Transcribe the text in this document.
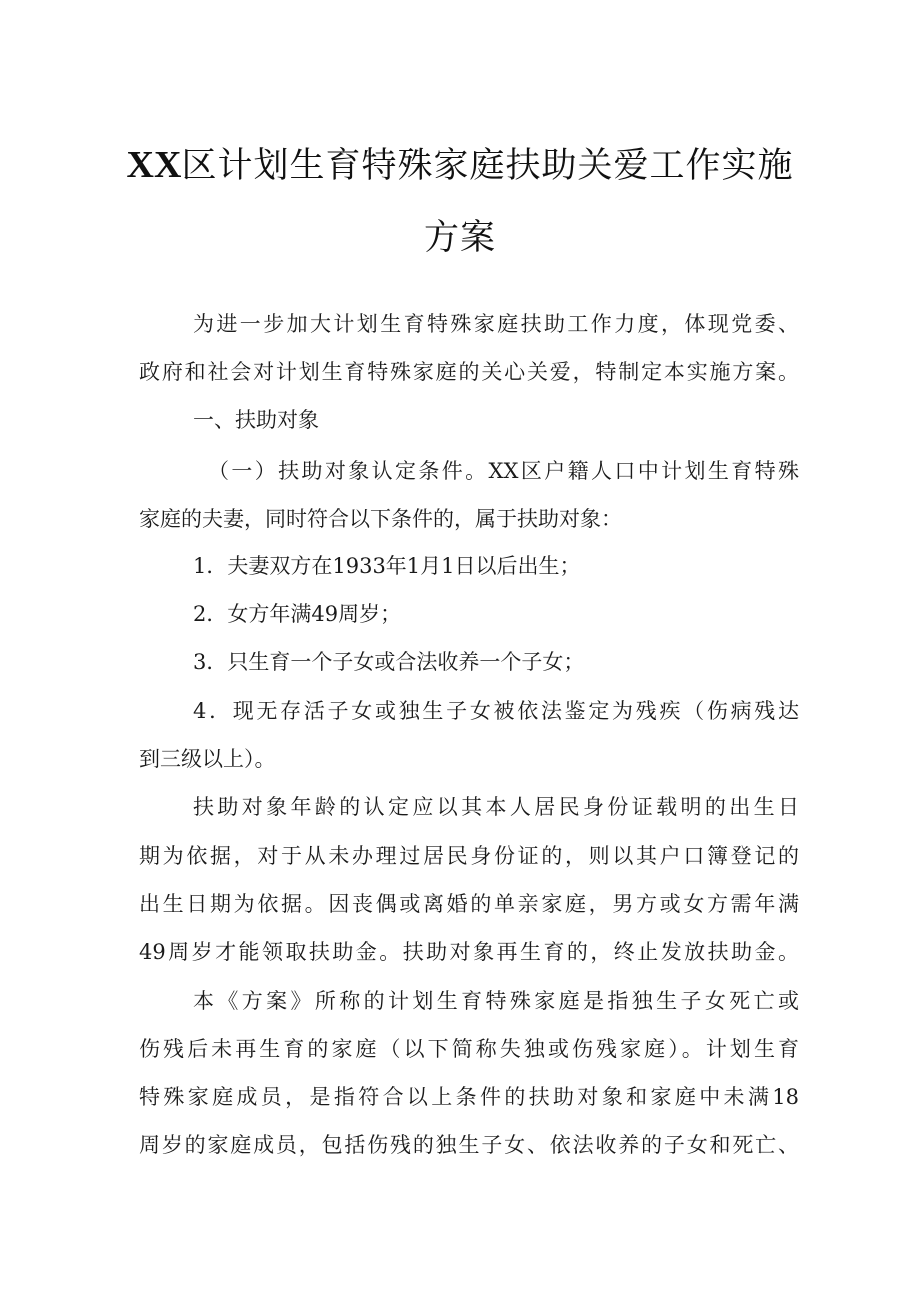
XX区计划生育特殊家庭扶助关爱工作实施
方案
为进一步加大计划生育特殊家庭扶助工作力度，体现党委、
政府和社会对计划生育特殊家庭的关心关爱，特制定本实施方案。
一、扶助对象
（一）扶助对象认定条件。XX区户籍人口中计划生育特殊
家庭的夫妻，同时符合以下条件的，属于扶助对象：
1．夫妻双方在1933年1月1日以后出生；
2．女方年满49周岁；
3．只生育一个子女或合法收养一个子女；
4．现无存活子女或独生子女被依法鉴定为残疾（伤病残达
到三级以上）。
扶助对象年龄的认定应以其本人居民身份证载明的出生日
期为依据，对于从未办理过居民身份证的，则以其户口簿登记的
出生日期为依据。因丧偶或离婚的单亲家庭，男方或女方需年满
49周岁才能领取扶助金。扶助对象再生育的，终止发放扶助金。
本《方案》所称的计划生育特殊家庭是指独生子女死亡或
伤残后未再生育的家庭（以下简称失独或伤残家庭）。计划生育
特殊家庭成员，是指符合以上条件的扶助对象和家庭中未满18
周岁的家庭成员，包括伤残的独生子女、依法收养的子女和死亡、
